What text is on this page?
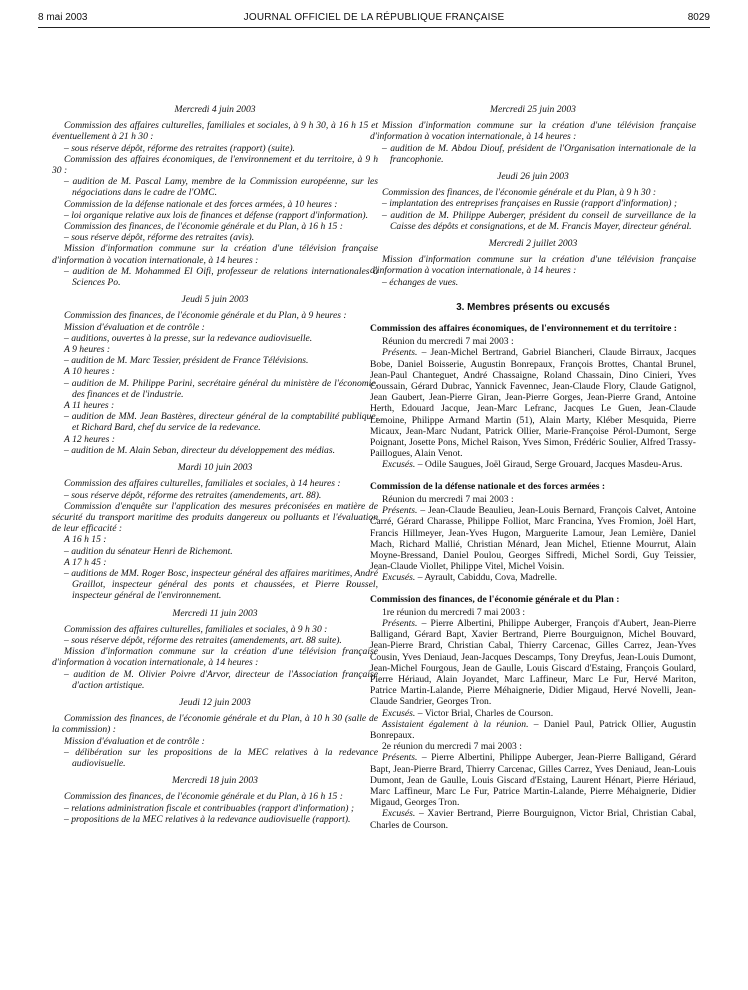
8 mai 2003	JOURNAL OFFICIEL DE LA RÉPUBLIQUE FRANÇAISE	8029

Mercredi 4 juin 2003

Commission des affaires culturelles, familiales et sociales, à 9 h 30, à 16 h 15 et éventuellement à 21 h 30 :

– sous réserve dépôt, réforme des retraites (rapport) (suite).

Commission des affaires économiques, de l'environnement et du territoire, à 9 h 30 :

– audition de M. Pascal Lamy, membre de la Commission européenne, sur les négociations dans le cadre de l'OMC.

Commission de la défense nationale et des forces armées, à 10 heures :

– loi organique relative aux lois de finances et défense (rapport d'information).

Commission des finances, de l'économie générale et du Plan, à 16 h 15 :

– sous réserve dépôt, réforme des retraites (avis).

Mission d'information commune sur la création d'une télévision française d'information à vocation internationale, à 14 heures :

– audition de M. Mohammed El Oifi, professeur de relations internationales à Sciences Po.

Jeudi 5 juin 2003

Commission des finances, de l'économie générale et du Plan, à 9 heures :

Mission d'évaluation et de contrôle :

– auditions, ouvertes à la presse, sur la redevance audiovisuelle.

A 9 heures :

– audition de M. Marc Tessier, président de France Télévisions.

A 10 heures :

– audition de M. Philippe Parini, secrétaire général du ministère de l'économie, des finances et de l'industrie.

A 11 heures :

– audition de MM. Jean Bastères, directeur général de la comptabilité publique, et Richard Bard, chef du service de la redevance.

A 12 heures :

– audition de M. Alain Seban, directeur du développement des médias.

Mardi 10 juin 2003

Commission des affaires culturelles, familiales et sociales, à 14 heures :

– sous réserve dépôt, réforme des retraites (amendements, art. 88).

Commission d'enquête sur l'application des mesures préconisées en matière de sécurité du transport maritime des produits dangereux ou polluants et l'évaluation de leur efficacité :

A 16 h 15 :

– audition du sénateur Henri de Richemont.

A 17 h 45 :

– auditions de MM. Roger Bosc, inspecteur général des affaires maritimes, André Graillot, inspecteur général des ponts et chaussées, et Pierre Roussel, inspecteur général de l'environnement.

Mercredi 11 juin 2003

Commission des affaires culturelles, familiales et sociales, à 9 h 30 :

– sous réserve dépôt, réforme des retraites (amendements, art. 88 suite).

Mission d'information commune sur la création d'une télévision française d'information à vocation internationale, à 14 heures :

– audition de M. Olivier Poivre d'Arvor, directeur de l'Association française d'action artistique.

Jeudi 12 juin 2003

Commission des finances, de l'économie générale et du Plan, à 10 h 30 (salle de la commission) :

Mission d'évaluation et de contrôle :

– délibération sur les propositions de la MEC relatives à la redevance audiovisuelle.

Mercredi 18 juin 2003

Commission des finances, de l'économie générale et du Plan, à 16 h 15 :

– relations administration fiscale et contribuables (rapport d'information) ;

– propositions de la MEC relatives à la redevance audiovisuelle (rapport).

Mercredi 25 juin 2003

Mission d'information commune sur la création d'une télévision française d'information à vocation internationale, à 14 heures :

– audition de M. Abdou Diouf, président de l'Organisation internationale de la francophonie.

Jeudi 26 juin 2003

Commission des finances, de l'économie générale et du Plan, à 9 h 30 :

– implantation des entreprises françaises en Russie (rapport d'information) ;

– audition de M. Philippe Auberger, président du conseil de surveillance de la Caisse des dépôts et consignations, et de M. Francis Mayer, directeur général.

Mercredi 2 juillet 2003

Mission d'information commune sur la création d'une télévision française d'information à vocation internationale, à 14 heures :

– échanges de vues.

3. Membres présents ou excusés

Commission des affaires économiques, de l'environnement et du territoire :

Réunion du mercredi 7 mai 2003 :

Présents. – Jean-Michel Bertrand, Gabriel Biancheri, Claude Birraux, Jacques Bobe, Daniel Boisserie, Augustin Bonrepaux, François Brottes, Chantal Brunel, Jean-Paul Chanteguet, André Chassaigne, Roland Chassain, Dino Cinieri, Yves Coussain, Gérard Dubrac, Yannick Favennec, Jean-Claude Flory, Claude Gatignol, Jean Gaubert, Jean-Pierre Giran, Jean-Pierre Gorges, Jean-Pierre Grand, Antoine Herth, Edouard Jacque, Jean-Marc Lefranc, Jacques Le Guen, Jean-Claude Lemoine, Philippe Armand Martin (51), Alain Marty, Kléber Mesquida, Pierre Micaux, Jean-Marc Nudant, Patrick Ollier, Marie-Françoise Pérol-Dumont, Serge Poignant, Josette Pons, Michel Raison, Yves Simon, Frédéric Soulier, Alfred Trassy-Paillogues, Alain Venot.

Excusés. – Odile Saugues, Joël Giraud, Serge Grouard, Jacques Masdeu-Arus.

Commission de la défense nationale et des forces armées :

Réunion du mercredi 7 mai 2003 :

Présents. – Jean-Claude Beaulieu, Jean-Louis Bernard, François Calvet, Antoine Carré, Gérard Charasse, Philippe Folliot, Marc Francina, Yves Fromion, Joël Hart, Francis Hillmeyer, Jean-Yves Hugon, Marguerite Lamour, Jean Lemière, Daniel Mach, Richard Mallié, Christian Ménard, Jean Michel, Etienne Mourrut, Alain Moyne-Bressand, Daniel Poulou, Georges Siffredi, Michel Sordi, Guy Teissier, Jean-Claude Viollet, Philippe Vitel, Michel Voisin.

Excusés. – Ayrault, Cabiddu, Cova, Madrelle.

Commission des finances, de l'économie générale et du Plan :

1re réunion du mercredi 7 mai 2003 :

Présents. – Pierre Albertini, Philippe Auberger, François d'Aubert, Jean-Pierre Balligand, Gérard Bapt, Xavier Bertrand, Pierre Bourguignon, Michel Bouvard, Jean-Pierre Brard, Christian Cabal, Thierry Carcenac, Gilles Carrez, Jean-Yves Cousin, Yves Deniaud, Jean-Jacques Descamps, Tony Dreyfus, Jean-Louis Dumont, Jean-Michel Fourgous, Jean de Gaulle, Louis Giscard d'Estaing, François Goulard, Pierre Hériaud, Alain Joyandet, Marc Laffineur, Marc Le Fur, Hervé Mariton, Patrice Martin-Lalande, Pierre Méhaignerie, Didier Migaud, Hervé Novelli, Jean-Claude Sandrier, Georges Tron.

Excusés. – Victor Brial, Charles de Courson.

Assistaient également à la réunion. – Daniel Paul, Patrick Ollier, Augustin Bonrepaux.

2e réunion du mercredi 7 mai 2003 :

Présents. – Pierre Albertini, Philippe Auberger, Jean-Pierre Balligand, Gérard Bapt, Jean-Pierre Brard, Thierry Carcenac, Gilles Carrez, Yves Deniaud, Jean-Louis Dumont, Jean de Gaulle, Louis Giscard d'Estaing, Laurent Hénart, Pierre Hériaud, Marc Laffineur, Marc Le Fur, Patrice Martin-Lalande, Pierre Méhaignerie, Didier Migaud, Georges Tron.

Excusés. – Xavier Bertrand, Pierre Bourguignon, Victor Brial, Christian Cabal, Charles de Courson.
